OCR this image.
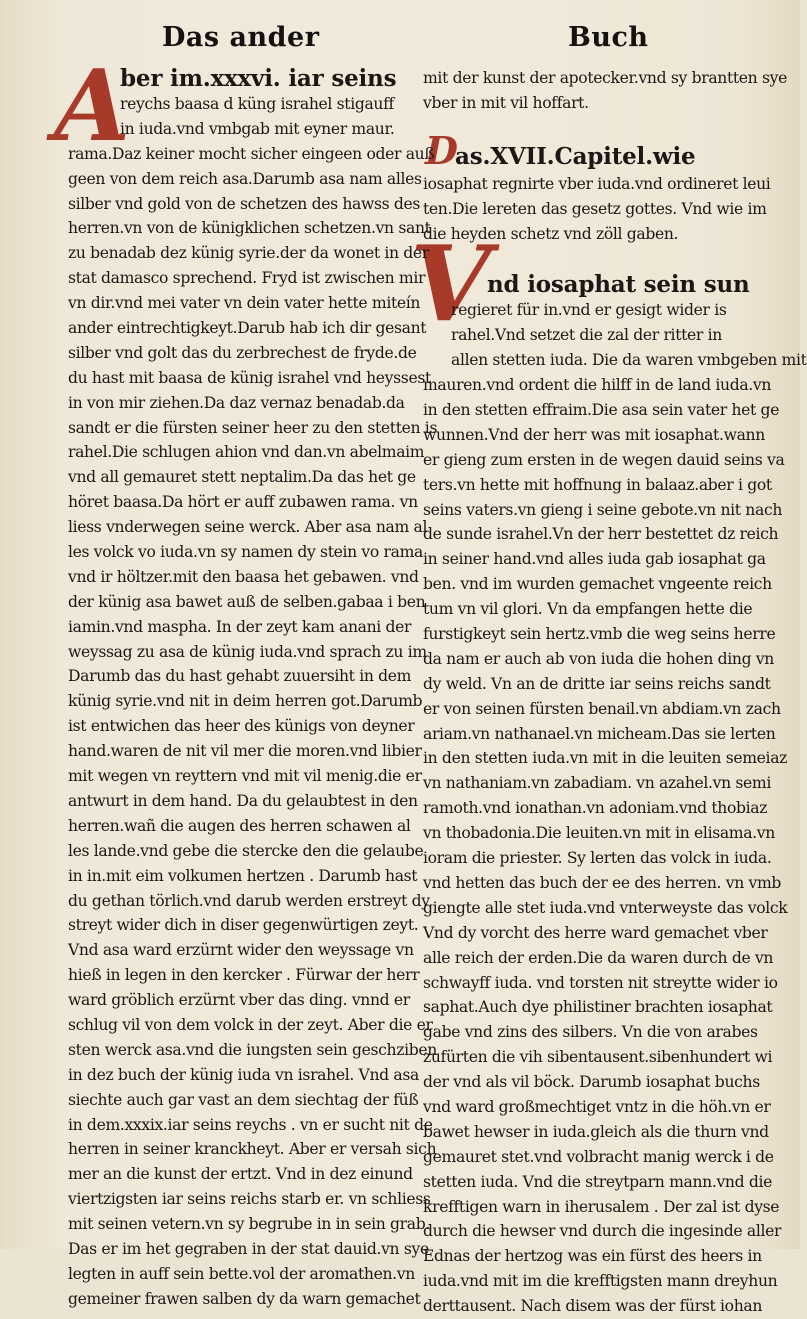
Das ander	Buch
A	D
V
ber im.xxxvi. iar seins
reychs baasa d küng israhel stigauff
in iuda.vnd vmbgab mit eyner maur.
rama.Daz keiner mocht sicher eingeen oder auß
geen von dem reich asa.Darumb asa nam alles
silber vnd gold von de schetzen des hawss des
herren.vn von de künigklichen schetzen.vn sant
zu benadab dez künig syrie.der da wonet in der
stat damasco sprechend. Fryd ist zwischen mir
vn dir.vnd mei vater vn dein vater hette miteín
ander eintrechtigkeyt.Darub hab ich dir gesant
silber vnd golt das du zerbrechest de fryde.de
du hast mit baasa de künig israhel vnd heyssest
in von mir ziehen.Da daz vernaz benadab.da
sandt er die fürsten seiner heer zu den stetten is
rahel.Die schlugen ahion vnd dan.vn abelmaim
vnd all gemauret stett neptalim.Da das het ge
höret baasa.Da hört er auff zubawen rama. vn
liess vnderwegen seine werck. Aber asa nam al
les volck vo iuda.vn sy namen dy stein vo rama
vnd ir höltzer.mit den baasa het gebawen. vnd
der künig asa bawet auß de selben.gabaa i ben
iamin.vnd maspha. In der zeyt kam anani der
weyssag zu asa de künig iuda.vnd sprach zu im
Darumb das du hast gehabt zuuersiht in dem
künig syrie.vnd nit in deim herren got.Darumb
ist entwichen das heer des künigs von deyner
hand.waren de nit vil mer die moren.vnd libier
mit wegen vn reyttern vnd mit vil menig.die er
antwurt in dem hand. Da du gelaubtest in den
herren.wañ die augen des herren schawen al
les lande.vnd gebe die stercke den die gelaube
in in.mit eim volkumen hertzen . Darumb hast
du gethan törlich.vnd darub werden erstreyt dy
streyt wider dich in diser gegenwürtigen zeyt.
Vnd asa ward erzürnt wider den weyssage vn
hieß in legen in den kercker . Fürwar der herr
ward gröblich erzürnt vber das ding. vnnd er
schlug vil von dem volck in der zeyt. Aber die er
sten werck asa.vnd die iungsten sein geschziben
in dez buch der künig iuda vn israhel. Vnd asa
siechte auch gar vast an dem siechtag der füß
in dem.xxxix.iar seins reychs . vn er sucht nit de
herren in seiner kranckheyt. Aber er versah sich
mer an die kunst der ertzt. Vnd in dez einund
viertzigsten iar seins reichs starb er. vn schliess
mit seinen vetern.vn sy begrube in in sein grab.
Das er im het gegraben in der stat dauid.vn sye
legten in auff sein bette.vol der aromathen.vn
gemeiner frawen salben dy da warn gemachet
mit der kunst der apotecker.vnd sy brantten sye
vber in mit vil hoffart.
as.XVII.Capitel.wie
iosaphat regnirte vber iuda.vnd ordineret leui
ten.Die lereten das gesetz gottes. Vnd wie im
die heyden schetz vnd zöll gaben.
nd iosaphat sein sun
regieret für in.vnd er gesigt wider is
rahel.Vnd setzet die zal der ritter in
allen stetten iuda. Die da waren vmbgeben mit
mauren.vnd ordent die hilff in de land iuda.vn
in den stetten effraim.Die asa sein vater het ge
wunnen.Vnd der herr was mit iosaphat.wann
er gieng zum ersten in de wegen dauid seins va
ters.vn hette mit hoffnung in balaaz.aber i got
seins vaters.vn gieng i seine gebote.vn nit nach
de sunde israhel.Vn der herr bestettet dz reich
in seiner hand.vnd alles iuda gab iosaphat ga
ben. vnd im wurden gemachet vngeente reich
tum vn vil glori. Vn da empfangen hette die
furstigkeyt sein hertz.vmb die weg seins herre
da nam er auch ab von iuda die hohen ding vn
dy weld. Vn an de dritte iar seins reichs sandt
er von seinen fürsten benail.vn abdiam.vn zach
ariam.vn nathanael.vn micheam.Das sie lerten
in den stetten iuda.vn mit in die leuiten semeiaz
vn nathaniam.vn zabadiam. vn azahel.vn semi
ramoth.vnd ionathan.vn adoniam.vnd thobiaz
vn thobadonia.Die leuiten.vn mit in elisama.vn
ioram die priester. Sy lerten das volck in iuda.
vnd hetten das buch der ee des herren. vn vmb
giengte alle stet iuda.vnd vnterweyste das volck
Vnd dy vorcht des herre ward gemachet vber
alle reich der erden.Die da waren durch de vn
schwayff iuda. vnd torsten nit streytte wider io
saphat.Auch dye philistiner brachten iosaphat
gabe vnd zins des silbers. Vn die von arabes
zufürten die vih sibentausent.sibenhundert wi
der vnd als vil böck. Darumb iosaphat buchs
vnd ward großmechtiget vntz in die höh.vn er
bawet hewser in iuda.gleich als die thurn vnd
gemauret stet.vnd volbracht manig werck i de
stetten iuda. Vnd die streytparn mann.vnd die
krefftigen warn in iherusalem . Der zal ist dyse
durch die hewser vnd durch die ingesinde aller
Ednas der hertzog was ein fürst des heers in
iuda.vnd mit im die krefftigsten mann dreyhun
derttausent. Nach disem was der fürst iohan
